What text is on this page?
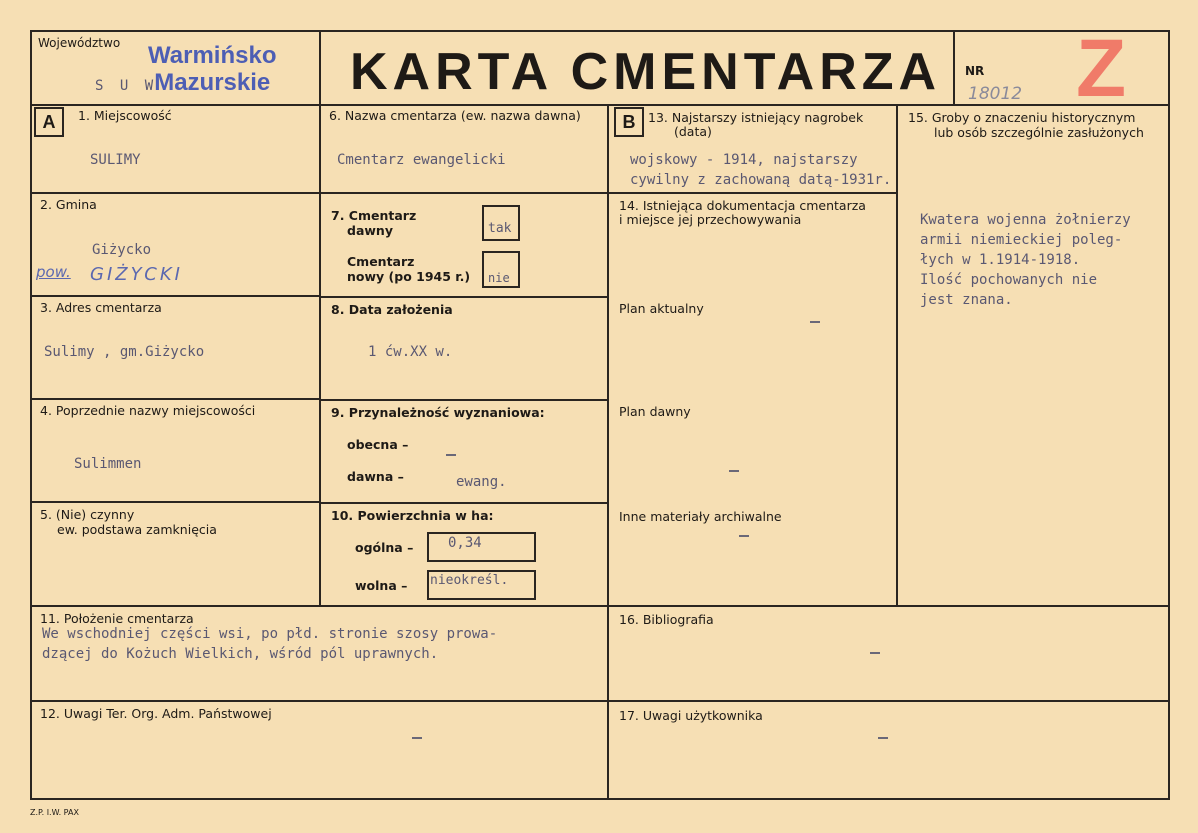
Województwo
S U W
Warmińsko
Mazurskie KARTA CMENTARZA NR
18012 Z
A	B
1. Miejscowość
SULIMY
2. Gmina
Giżycko
pow. GIŻYCKI
3. Adres cmentarza
Sulimy , gm.Giżycko
4. Poprzednie nazwy miejscowości
Sulimmen
5. (Nie) czynny
ew. podstawa zamknięcia
6. Nazwa cmentarza (ew. nazwa dawna)
Cmentarz ewangelicki
7. Cmentarz
dawny	tak
Cmentarz
nowy (po 1945 r.) nie
8. Data założenia
1 ćw.XX w.
9. Przynależność wyznaniowa:
obecna –
dawna –	ewang.
10. Powierzchnia w ha:
ogólna – 0,34
wolna – nieokreśl.
11. Położenie cmentarza
We wschodniej części wsi, po płd. stronie szosy prowa-
dzącej do Kożuch Wielkich, wśród pól uprawnych.
12. Uwagi Ter. Org. Adm. Państwowej
13. Najstarszy istniejący nagrobek
(data)
wojskowy - 1914, najstarszy
cywilny z zachowaną datą-1931r.
14. Istniejąca dokumentacja cmentarza
i miejsce jej przechowywania
Plan aktualny
Plan dawny
Inne materiały archiwalne
15. Groby o znaczeniu historycznym
lub osób szczególnie zasłużonych
Kwatera wojenna żołnierzy
armii niemieckiej poleg-
łych w 1.1914-1918.
Ilość pochowanych nie
jest znana.
16. Bibliografia
17. Uwagi użytkownika
Z.P. I.W. PAX
